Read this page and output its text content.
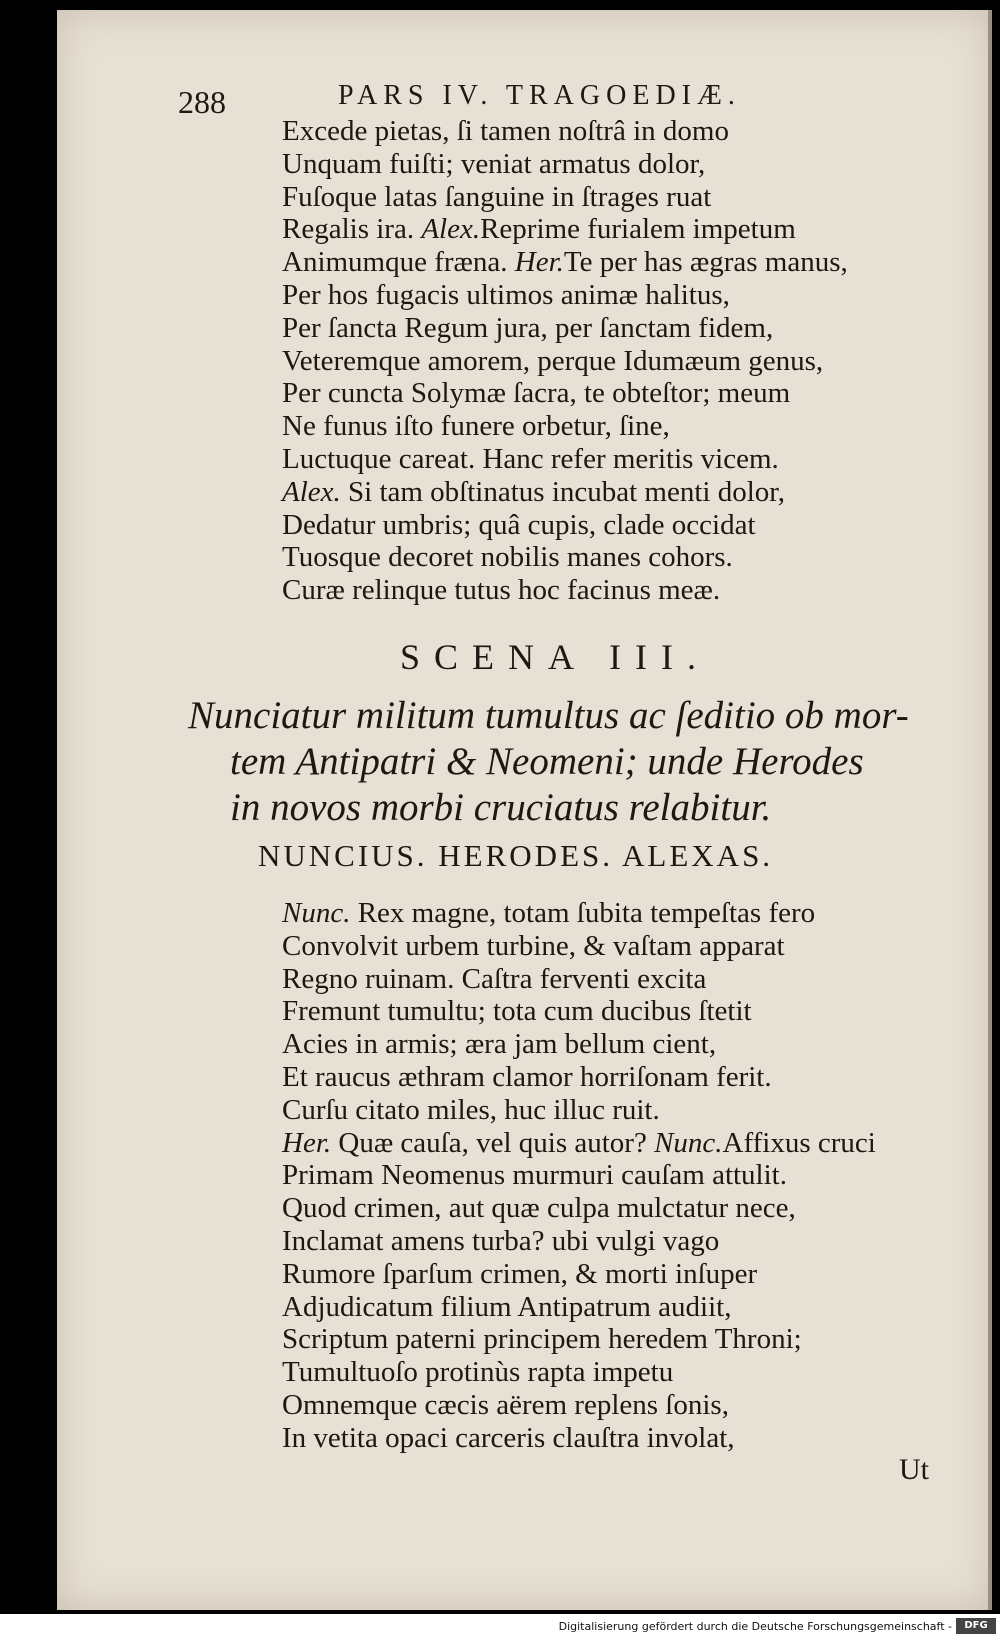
288	PARS IV. TRAGOEDIÆ.
Excede pietas, ſi tamen noſtrâ in domo
Unquam fuiſti; veniat armatus dolor,
Fuſoque latas ſanguine in ſtrages ruat
Regalis ira. Alex.Reprime furialem impetum
Animumque fræna. Her.Te per has ægras manus,
Per hos fugacis ultimos animæ halitus,
Per ſancta Regum jura, per ſanctam fidem,
Veteremque amorem, perque Idumæum genus,
Per cuncta Solymæ ſacra, te obteſtor; meum
Ne funus iſto funere orbetur, ſine,
Luctuque careat. Hanc refer meritis vicem.
Alex. Si tam obſtinatus incubat menti dolor,
Dedatur umbris; quâ cupis, clade occidat
Tuosque decoret nobilis manes cohors.
Curæ relinque tutus hoc facinus meæ.
SCENA III.
Nunciatur militum tumultus ac ſeditio ob mor-
tem Antipatri & Neomeni; unde Herodes
in novos morbi cruciatus relabitur.
NUNCIUS. HERODES. ALEXAS.
Nunc. Rex magne, totam ſubita tempeſtas fero
Convolvit urbem turbine, & vaſtam apparat
Regno ruinam. Caſtra ferventi excita
Fremunt tumultu; tota cum ducibus ſtetit
Acies in armis; æra jam bellum cient,
Et raucus æthram clamor horriſonam ferit.
Curſu citato miles, huc illuc ruit.
Her. Quæ cauſa, vel quis autor? Nunc.Affixus cruci
Primam Neomenus murmuri cauſam attulit.
Quod crimen, aut quæ culpa mulctatur nece,
Inclamat amens turba? ubi vulgi vago
Rumore ſparſum crimen, & morti inſuper
Adjudicatum filium Antipatrum audiit,
Scriptum paterni principem heredem Throni;
Tumultuoſo protinùs rapta impetu
Omnemque cæcis aërem replens ſonis,
In vetita opaci carceris clauſtra involat,
Ut
Digitalisierung gefördert durch die Deutsche Forschungsgemeinschaft -	DFG
